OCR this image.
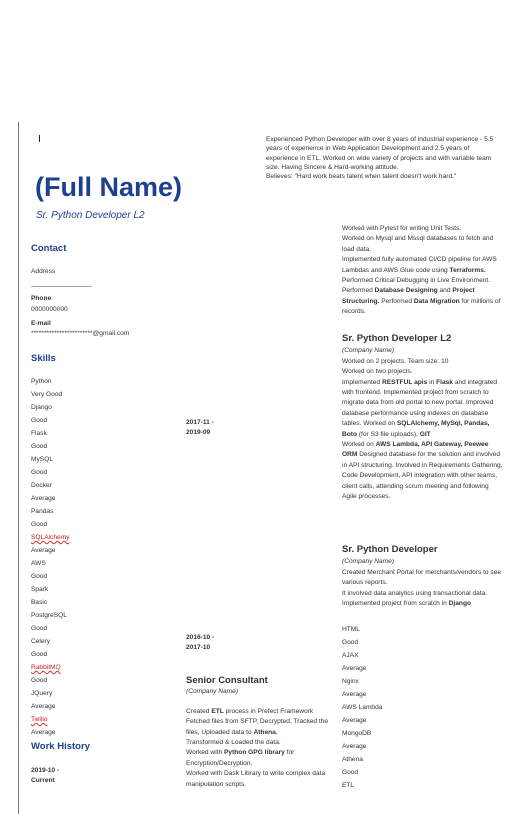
(Full Name)
Sr. Python Developer L2
Experienced Python Developer with over 8 years of industrial experience - 5.5 years of experience in Web Application Development and 2.5 years of experience in ETL. Worked on wide variety of projects and with variable team size. Having Sincere & Hard-working attitude.
Believes: "Hard work beats talent when talent doesn't work hard."
Contact
Address
----------------------------------------
Phone
0000000000
E-mail
************************@gmail.com
Skills
Python
Very Good
Django
Good
Flask
Good
MySQL
Good
Docker
Average
Pandas
Good
SQLAlchemy
Average
AWS
Good
Spark
Basic
PostgreSQL
Good
Celery
Good
RabbitMQ
Good
JQuery
Average
Twilio
Average
Work History
2019-10 -
Current
2017-11 -
2019-09
2016-10 -
2017-10
Senior Consultant
(Company Name)
Created ETL process in Prefect Framework
Fetched files from SFTP, Decrypted, Tracked the files, Uploaded data to Athena,
Transformed & Loaded the data.
Worked with Python GPG library for Encryption/Decryption.
Worked with Dask Library to write complex data manipulation scripts.
Worked with Pytest for writing Unit Tests.
Worked on Mysql and Mssql databases to fetch and load data.
Implemented fully automated CI/CD pipeline for AWS Lambdas and AWS Glue code using Terraforms. Performed Critical Debugging in Live Environment. Performed Database Designing and Project Structuring. Performed Data Migration for millions of records.
Sr. Python Developer L2
(Company Name)
Worked on 2 projects. Team size: 10
Worked on two projects.
Implemented RESTFUL apis in Flask and integrated with frontend. Implemented project from scratch to migrate data from old portal to new portal. Improved database performance using indexes on database tables. Worked on SQLAlchemy, MySql, Pandas, Boto (for S3 file uploads), GIT
Worked on AWS Lambda, API Gateway, Peewee ORM Designed database for the solution and involved in API structuring. Involved in Requirements Gathering, Code Development, API integration with other teams, client calls, attending scrum meeting and following Agile processes.
Sr. Python Developer
(Company Name)
Created Merchant Portal for merchants/vendors to see various reports.
It involved data analytics using transactional data. Implemented project from scratch in Django
HTML
Good
AJAX
Average
Nginx
Average
AWS Lambda
Average
MongoDB
Average
Athena
Good
ETL
